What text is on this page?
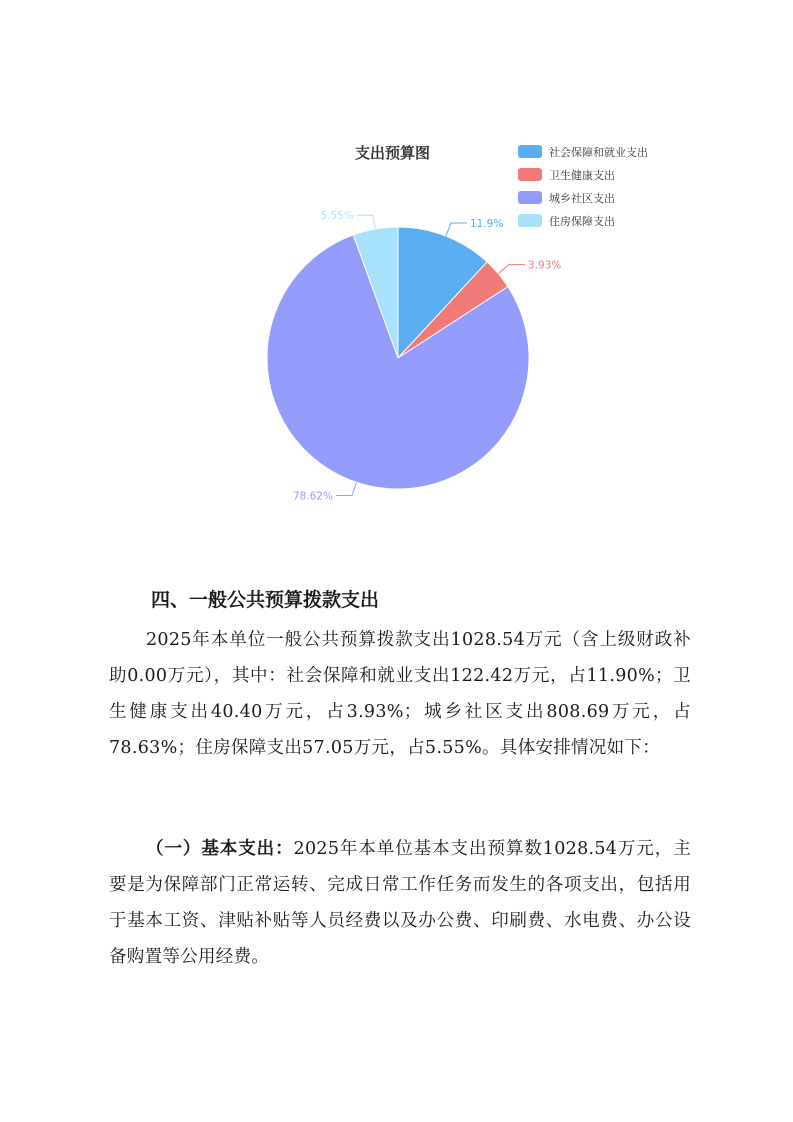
支出预算图	社会保障和就业支出
卫生健康支出
城乡社区支出
住房保障支出
11.9%
3.93%
78.62%
5.55%
四、一般公共预算拨款支出

2025年本单位一般公共预算拨款支出1028.54万元（含上级财政补助0.00万元），其中：社会保障和就业支出122.42万元，占11.90%；卫生健康支出40.40万元，占3.93%；城乡社区支出808.69万元，占78.63%；住房保障支出57.05万元，占5.55%。具体安排情况如下：

（一）基本支出：2025年本单位基本支出预算数1028.54万元，主要是为保障部门正常运转、完成日常工作任务而发生的各项支出，包括用于基本工资、津贴补贴等人员经费以及办公费、印刷费、水电费、办公设备购置等公用经费。
